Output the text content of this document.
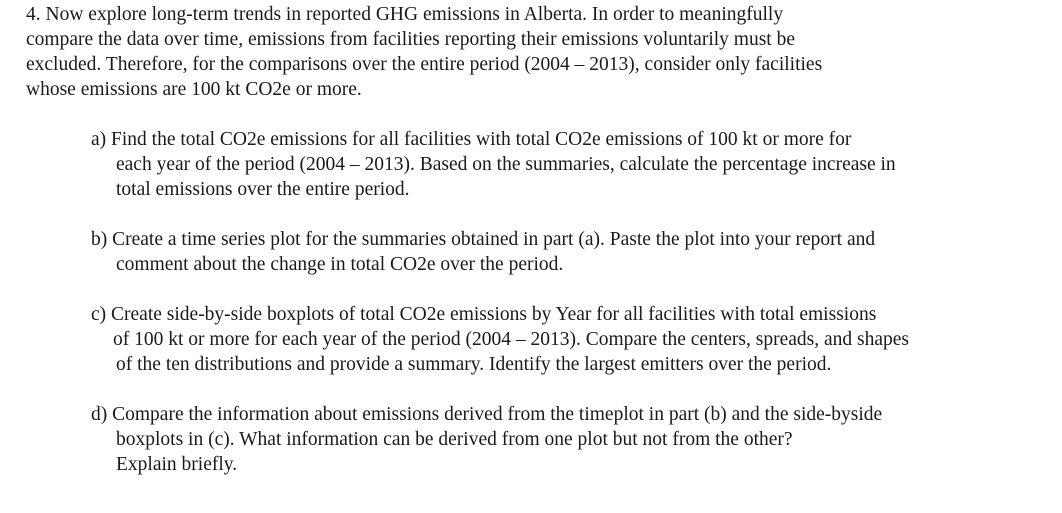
4. Now explore long-term trends in reported GHG emissions in Alberta. In order to meaningfully
compare the data over time, emissions from facilities reporting their emissions voluntarily must be
excluded. Therefore, for the comparisons over the entire period (2004 – 2013), consider only facilities
whose emissions are 100 kt CO2e or more.
a) Find the total CO2e emissions for all facilities with total CO2e emissions of 100 kt or more for
each year of the period (2004 – 2013). Based on the summaries, calculate the percentage increase in
total emissions over the entire period.
b) Create a time series plot for the summaries obtained in part (a). Paste the plot into your report and
comment about the change in total CO2e over the period.
c) Create side-by-side boxplots of total CO2e emissions by Year for all facilities with total emissions
of 100 kt or more for each year of the period (2004 – 2013). Compare the centers, spreads, and shapes
of the ten distributions and provide a summary. Identify the largest emitters over the period.
d) Compare the information about emissions derived from the timeplot in part (b) and the side-byside
boxplots in (c). What information can be derived from one plot but not from the other?
Explain briefly.
